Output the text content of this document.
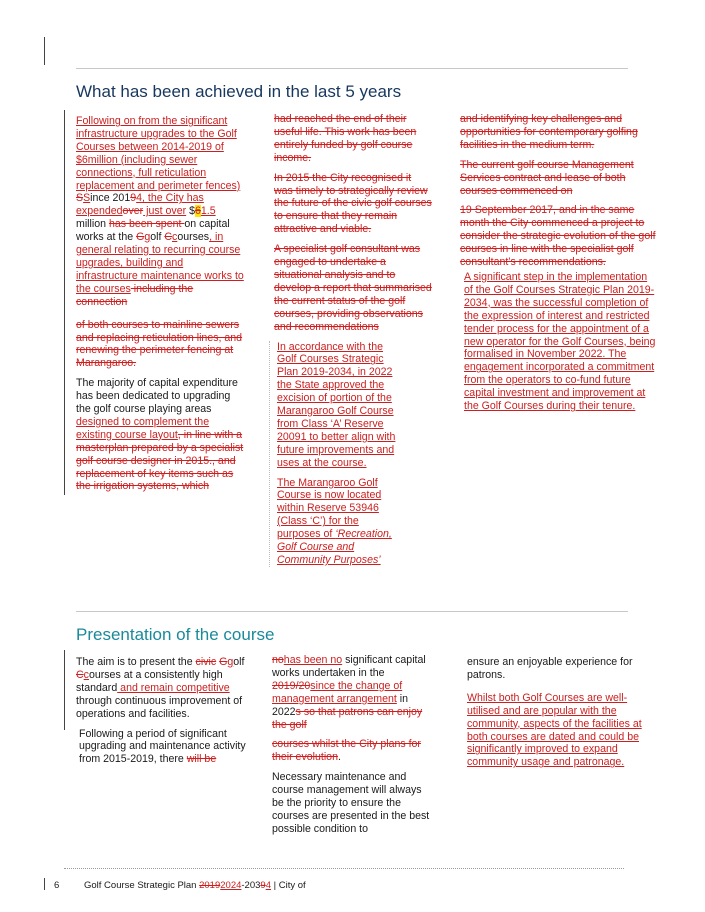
What has been achieved in the last 5 years

Following on from the significant infrastructure upgrades to the Golf Courses between 2014-2019 of $6million (including sewer connections, full reticulation replacement and perimeter fences) SSince 20194, the City has expendedover just over $61.5 million has been spent on capital works at the Ggolf Ccourses, in general relating to recurring course upgrades, building and infrastructure maintenance works to the courses including the connection

of both courses to mainline sewers and replacing reticulation lines, and renewing the perimeter fencing at Marangaroo.

The majority of capital expenditure has been dedicated to upgrading the golf course playing areas designed to complement the existing course layout, in line with a masterplan prepared by a specialist golf course designer in 2015., and replacement of key items such as the irrigation systems, which

had reached the end of their useful life. This work has been entirely funded by golf course income.

In 2015 the City recognised it was timely to strategically review the future of the civic golf courses to ensure that they remain attractive and viable.

A specialist golf consultant was engaged to undertake a situational analysis and to develop a report that summarised the current status of the golf courses, providing observations and recommendations

In accordance with the Golf Courses Strategic Plan 2019-2034, in 2022 the State approved the excision of portion of the Marangaroo Golf Course from Class ‘A’ Reserve 20091 to better align with future improvements and uses at the course.

The Marangaroo Golf Course is now located within Reserve 53946 (Class ‘C’) for the purposes of ‘Recreation, Golf Course and Community Purposes’

and identifying key challenges and opportunities for contemporary golfing facilities in the medium term.

The current golf course Management Services contract and lease of both courses commenced on

19 September 2017, and in the same month the City commenced a project to consider the strategic evolution of the golf courses in line with the specialist golf consultant’s recommendations.

A significant step in the implementation of the Golf Courses Strategic Plan 2019-2034, was the successful completion of the expression of interest and restricted tender process for the appointment of a new operator for the Golf Courses, being formalised in November 2022. The engagement incorporated a commitment from the operators to co-fund future capital investment and improvement at the Golf Courses during their tenure.

Presentation of the course

The aim is to present the civic Ggolf Ccourses at a consistently high standard and remain competitive through continuous improvement of operations and facilities.

Following a period of significant upgrading and maintenance activity from 2015-2019, there will be

nohas been no significant capital works undertaken in the 2019/20since the change of management arrangement in 2022s so that patrons can enjoy the golf

courses whilst the City plans for their evolution.

Necessary maintenance and course management will always be the priority to ensure the courses are presented in the best possible condition to

ensure an enjoyable experience for patrons.

Whilst both Golf Courses are well-utilised and are popular with the community, aspects of the facilities at both courses are dated and could be significantly improved to expand community usage and patronage.

6	Golf Course Strategic Plan 20192024-20394 | City of
